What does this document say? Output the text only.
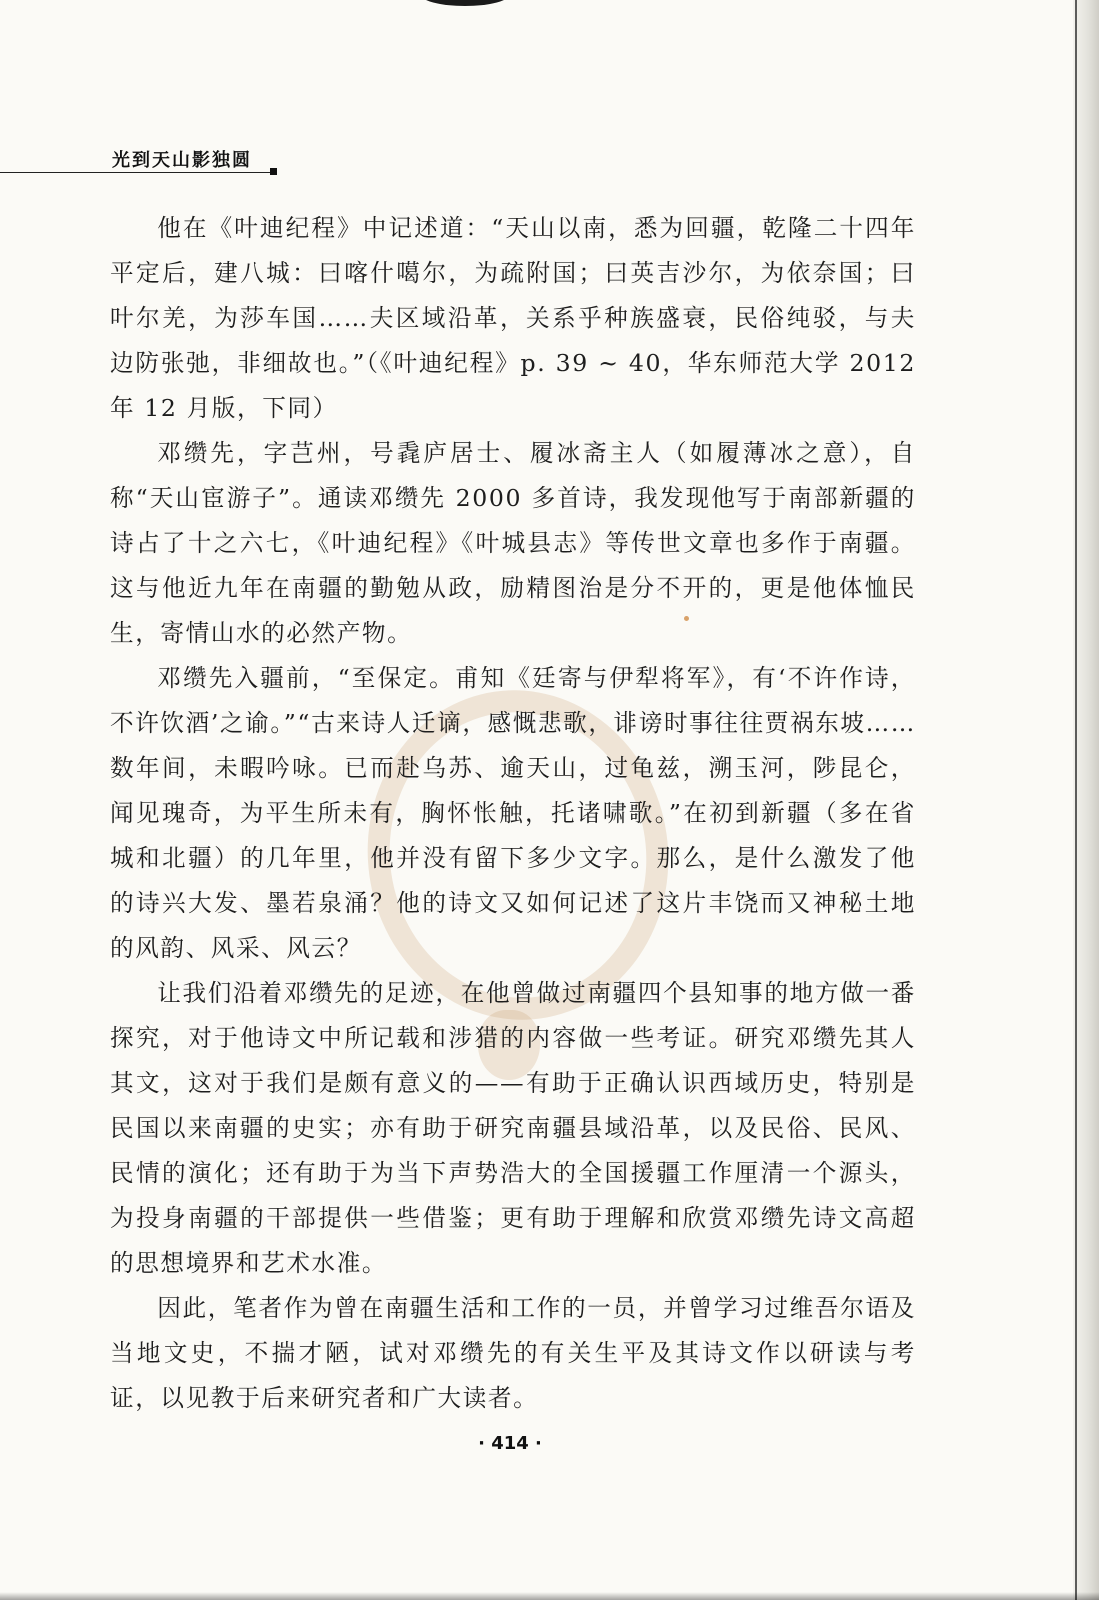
光到天山影独圆

他在《叶迪纪程》中记述道：“天山以南，悉为回疆，乾隆二十四年平定后，建八城：曰喀什噶尔，为疏附国；曰英吉沙尔，为依奈国；曰叶尔羌，为莎车国……夫区域沿革，关系乎种族盛衰，民俗纯驳，与夫边防张弛，非细故也。”（《叶迪纪程》p. 39 ~ 40，华东师范大学 2012 年 12 月版，下同）

邓缵先，字芑州，号毳庐居士、履冰斋主人（如履薄冰之意），自称“天山宦游子”。通读邓缵先 2000 多首诗，我发现他写于南部新疆的诗占了十之六七，《叶迪纪程》《叶城县志》等传世文章也多作于南疆。这与他近九年在南疆的勤勉从政，励精图治是分不开的，更是他体恤民生，寄情山水的必然产物。

邓缵先入疆前，“至保定。甫知《廷寄与伊犁将军》，有‘不许作诗，不许饮酒’之谕。”“古来诗人迁谪，感慨悲歌，诽谤时事往往贾祸东坡……数年间，未暇吟咏。已而赴乌苏、逾天山，过龟兹，溯玉河，陟昆仑，闻见瑰奇，为平生所未有，胸怀怅触，托诸啸歌。”在初到新疆（多在省城和北疆）的几年里，他并没有留下多少文字。那么，是什么激发了他的诗兴大发、墨若泉涌？他的诗文又如何记述了这片丰饶而又神秘土地的风韵、风采、风云？

让我们沿着邓缵先的足迹，在他曾做过南疆四个县知事的地方做一番探究，对于他诗文中所记载和涉猎的内容做一些考证。研究邓缵先其人其文，这对于我们是颇有意义的——有助于正确认识西域历史，特别是民国以来南疆的史实；亦有助于研究南疆县域沿革，以及民俗、民风、民情的演化；还有助于为当下声势浩大的全国援疆工作厘清一个源头，为投身南疆的干部提供一些借鉴；更有助于理解和欣赏邓缵先诗文高超的思想境界和艺术水准。

因此，笔者作为曾在南疆生活和工作的一员，并曾学习过维吾尔语及当地文史，不揣才陋，试对邓缵先的有关生平及其诗文作以研读与考证，以见教于后来研究者和广大读者。

· 414 ·
